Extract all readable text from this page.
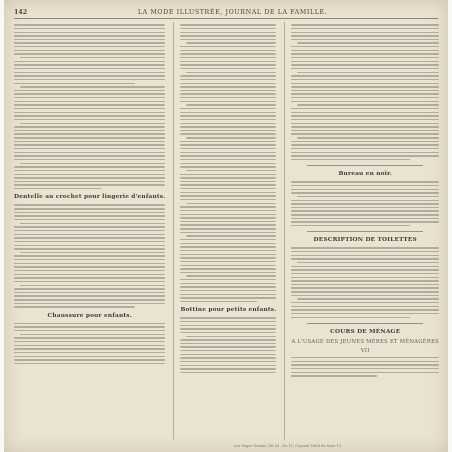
142	LA MODE ILLUSTRÉE, JOURNAL DE LA FAMILLE.
Dentelle au crochet pour lingerie d'enfants.
Chaussure pour enfants.
Bottine pour petits enfants.
Bureau en noir.
DESCRIPTION DE TOILETTES
COURS DE MÉNAGE
A L'USAGE DES JEUNES MÈRES ET MÉNAGÈRES
VII
Les Pages Grisatt, Dit A1, No 11, Copoint 1868 de Sous 12.
